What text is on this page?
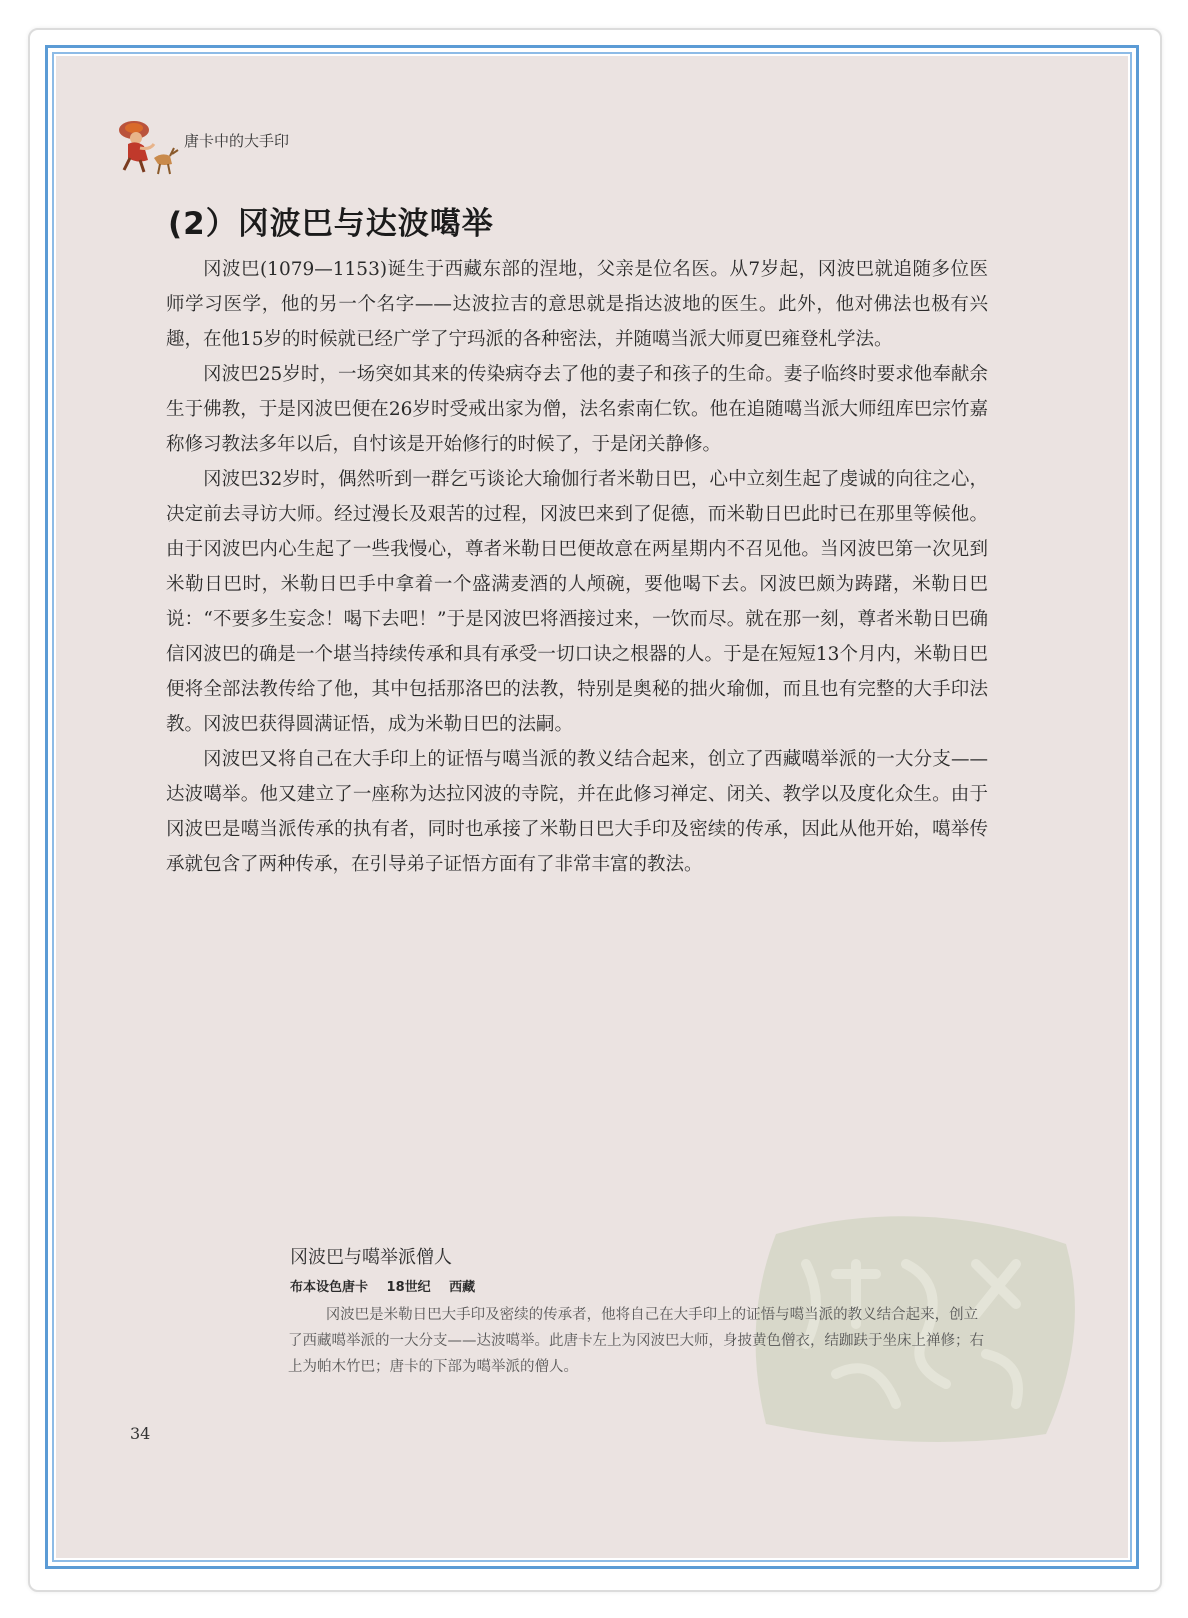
唐卡中的大手印
(2）冈波巴与达波噶举

冈波巴(1079—1153)诞生于西藏东部的涅地，父亲是位名医。从7岁起，冈波巴就追随多位医师学习医学，他的另一个名字——达波拉吉的意思就是指达波地的医生。此外，他对佛法也极有兴趣，在他15岁的时候就已经广学了宁玛派的各种密法，并随噶当派大师夏巴雍登札学法。

冈波巴25岁时，一场突如其来的传染病夺去了他的妻子和孩子的生命。妻子临终时要求他奉献余生于佛教，于是冈波巴便在26岁时受戒出家为僧，法名索南仁钦。他在追随噶当派大师纽库巴宗竹嘉称修习教法多年以后，自忖该是开始修行的时候了，于是闭关静修。

冈波巴32岁时，偶然听到一群乞丐谈论大瑜伽行者米勒日巴，心中立刻生起了虔诚的向往之心，决定前去寻访大师。经过漫长及艰苦的过程，冈波巴来到了促德，而米勒日巴此时已在那里等候他。由于冈波巴内心生起了一些我慢心，尊者米勒日巴便故意在两星期内不召见他。当冈波巴第一次见到米勒日巴时，米勒日巴手中拿着一个盛满麦酒的人颅碗，要他喝下去。冈波巴颇为踌躇，米勒日巴说：“不要多生妄念！喝下去吧！”于是冈波巴将酒接过来，一饮而尽。就在那一刻，尊者米勒日巴确信冈波巴的确是一个堪当持续传承和具有承受一切口诀之根器的人。于是在短短13个月内，米勒日巴便将全部法教传给了他，其中包括那洛巴的法教，特别是奥秘的拙火瑜伽，而且也有完整的大手印法教。冈波巴获得圆满证悟，成为米勒日巴的法嗣。

冈波巴又将自己在大手印上的证悟与噶当派的教义结合起来，创立了西藏噶举派的一大分支——达波噶举。他又建立了一座称为达拉冈波的寺院，并在此修习禅定、闭关、教学以及度化众生。由于冈波巴是噶当派传承的执有者，同时也承接了米勒日巴大手印及密续的传承，因此从他开始，噶举传承就包含了两种传承，在引导弟子证悟方面有了非常丰富的教法。

冈波巴与噶举派僧人
布本设色唐卡 18世纪 西藏

冈波巴是米勒日巴大手印及密续的传承者，他将自己在大手印上的证悟与噶当派的教义结合起来，创立了西藏噶举派的一大分支——达波噶举。此唐卡左上为冈波巴大师，身披黄色僧衣，结跏趺于坐床上禅修；右上为帕木竹巴；唐卡的下部为噶举派的僧人。

34
